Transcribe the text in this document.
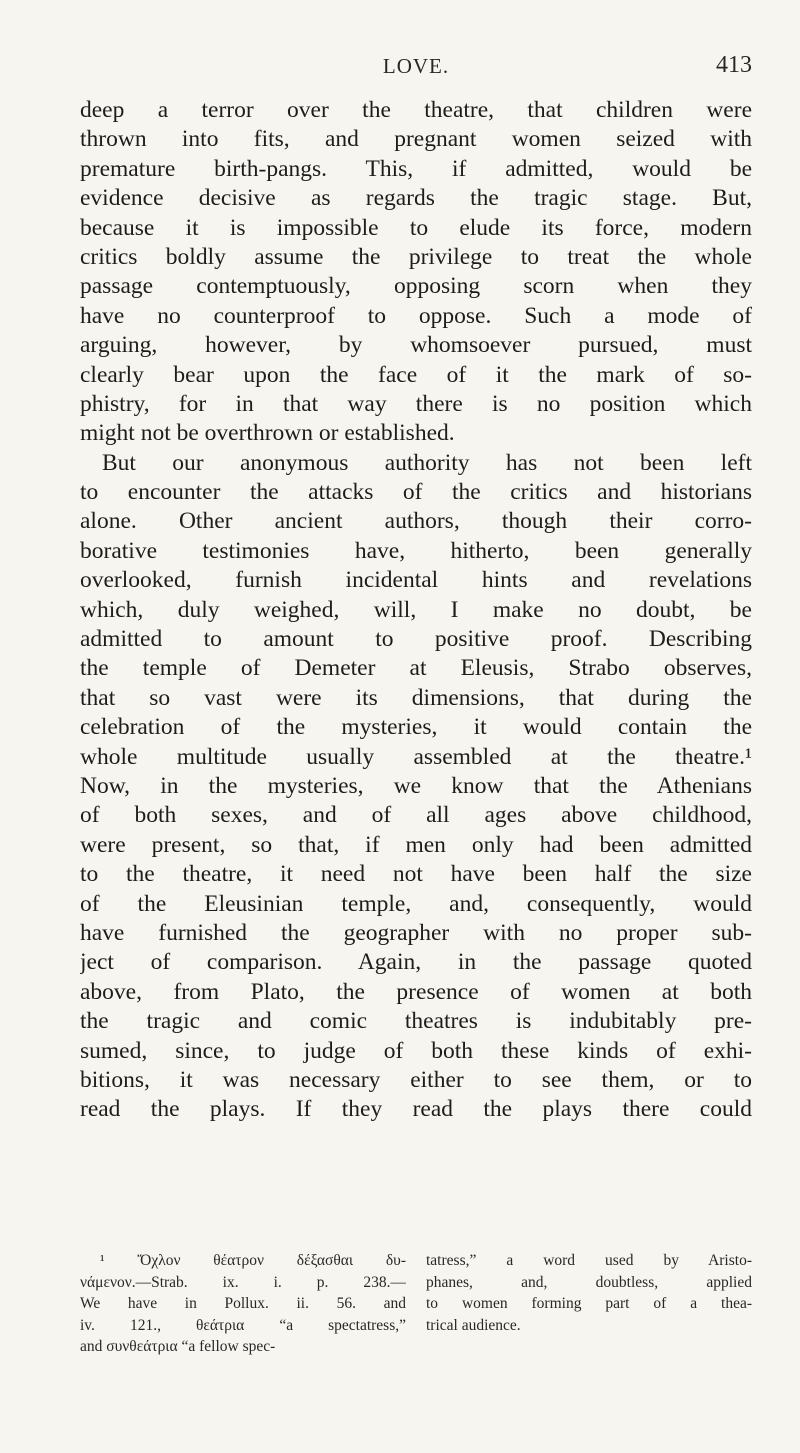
LOVE.	413
deep a terror over the theatre, that children were
thrown into fits, and pregnant women seized with
premature birth-pangs. This, if admitted, would be
evidence decisive as regards the tragic stage. But,
because it is impossible to elude its force, modern
critics boldly assume the privilege to treat the whole
passage contemptuously, opposing scorn when they
have no counterproof to oppose. Such a mode of
arguing, however, by whomsoever pursued, must
clearly bear upon the face of it the mark of so-
phistry, for in that way there is no position which
might not be overthrown or established.
But our anonymous authority has not been left
to encounter the attacks of the critics and historians
alone. Other ancient authors, though their corro-
borative testimonies have, hitherto, been generally
overlooked, furnish incidental hints and revelations
which, duly weighed, will, I make no doubt, be
admitted to amount to positive proof. Describing
the temple of Demeter at Eleusis, Strabo observes,
that so vast were its dimensions, that during the
celebration of the mysteries, it would contain the
whole multitude usually assembled at the theatre.¹
Now, in the mysteries, we know that the Athenians
of both sexes, and of all ages above childhood,
were present, so that, if men only had been admitted
to the theatre, it need not have been half the size
of the Eleusinian temple, and, consequently, would
have furnished the geographer with no proper sub-
ject of comparison. Again, in the passage quoted
above, from Plato, the presence of women at both
the tragic and comic theatres is indubitably pre-
sumed, since, to judge of both these kinds of exhi-
bitions, it was necessary either to see them, or to
read the plays. If they read the plays there could
¹ Ὄχλον θέατρον δέξασθαι δυ-
νάμενον.—Strab. ix. i. p. 238.—
We have in Pollux. ii. 56. and
iv. 121., θεάτρια “a spectatress,”
and συνθεάτρια “a fellow spec-
tatress,” a word used by Aristo-
phanes, and, doubtless, applied
to women forming part of a thea-
trical audience.
